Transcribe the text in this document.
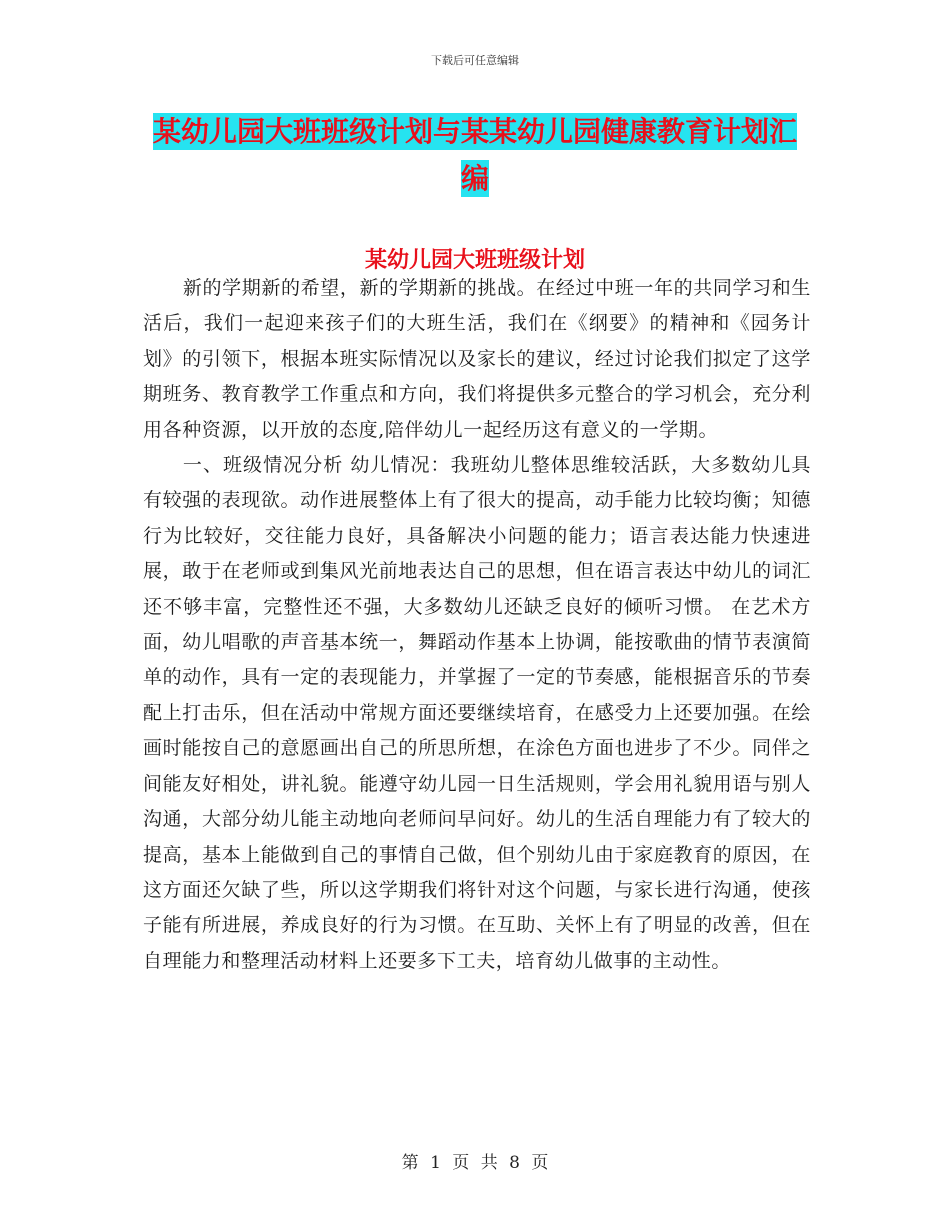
下载后可任意编辑
某幼儿园大班班级计划与某某幼儿园健康教育计划汇编
某幼儿园大班班级计划

新的学期新的希望，新的学期新的挑战。在经过中班一年的共同学习和生活后，我们一起迎来孩子们的大班生活，我们在《纲要》的精神和《园务计划》的引领下，根据本班实际情况以及家长的建议，经过讨论我们拟定了这学期班务、教育教学工作重点和方向，我们将提供多元整合的学习机会，充分利用各种资源，以开放的态度,陪伴幼儿一起经历这有意义的一学期。

一、班级情况分析 幼儿情况：我班幼儿整体思维较活跃，大多数幼儿具有较强的表现欲。动作进展整体上有了很大的提高，动手能力比较均衡；知德行为比较好，交往能力良好，具备解决小问题的能力；语言表达能力快速进展，敢于在老师或到集风光前地表达自己的思想，但在语言表达中幼儿的词汇还不够丰富，完整性还不强，大多数幼儿还缺乏良好的倾听习惯。 在艺术方面，幼儿唱歌的声音基本统一，舞蹈动作基本上协调，能按歌曲的情节表演简单的动作，具有一定的表现能力，并掌握了一定的节奏感，能根据音乐的节奏配上打击乐，但在活动中常规方面还要继续培育，在感受力上还要加强。在绘画时能按自己的意愿画出自己的所思所想，在涂色方面也进步了不少。同伴之间能友好相处，讲礼貌。能遵守幼儿园一日生活规则，学会用礼貌用语与别人沟通，大部分幼儿能主动地向老师问早问好。幼儿的生活自理能力有了较大的提高，基本上能做到自己的事情自己做，但个别幼儿由于家庭教育的原因，在这方面还欠缺了些，所以这学期我们将针对这个问题，与家长进行沟通，使孩子能有所进展，养成良好的行为习惯。在互助、关怀上有了明显的改善，但在自理能力和整理活动材料上还要多下工夫，培育幼儿做事的主动性。

第 1 页 共 8 页
